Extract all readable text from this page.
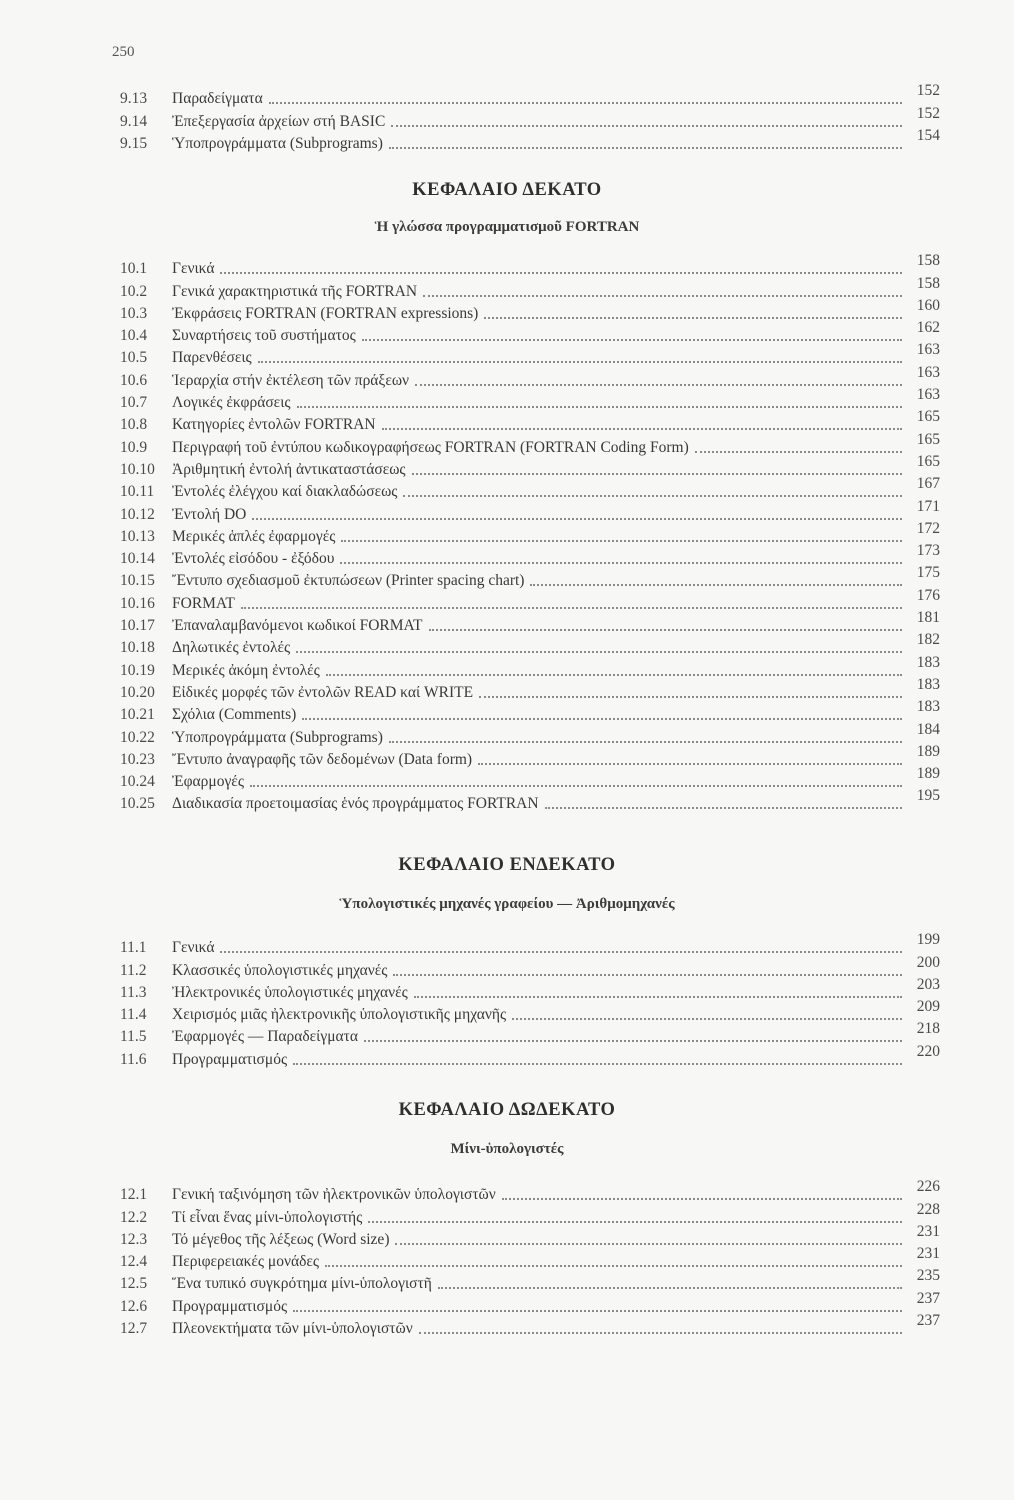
250
9.13	Παραδείγματα	152
9.14	Ἐπεξεργασία ἀρχείων στή BASIC	152
9.15	Ὑποπρογράμματα (Subprograms)	154
ΚΕΦΑΛΑΙΟ ΔΕΚΑΤΟ
Ἡ γλώσσα προγραμματισμοῦ FORTRAN
10.1	Γενικά	158
10.2	Γενικά χαρακτηριστικά τῆς FORTRAN	158
10.3	Ἐκφράσεις FORTRAN (FORTRAN expressions)	160
10.4	Συναρτήσεις τοῦ συστήματος	162
10.5	Παρενθέσεις	163
10.6	Ἱεραρχία στήν ἐκτέλεση τῶν πράξεων	163
10.7	Λογικές ἐκφράσεις	163
10.8	Κατηγορίες ἐντολῶν FORTRAN	165
10.9	Περιγραφή τοῦ ἐντύπου κωδικογραφήσεως FORTRAN (FORTRAN Coding Form)	165
10.10	Ἀριθμητική ἐντολή ἀντικαταστάσεως	165
10.11	Ἐντολές ἐλέγχου καί διακλαδώσεως	167
10.12	Ἐντολή DO	171
10.13	Μερικές ἁπλές ἐφαρμογές	172
10.14	Ἐντολές εἰσόδου - ἐξόδου	173
10.15	Ἔντυπο σχεδιασμοῦ ἐκτυπώσεων (Printer spacing chart)	175
10.16	FORMAT	176
10.17	Ἐπαναλαμβανόμενοι κωδικοί FORMAT	181
10.18	Δηλωτικές ἐντολές	182
10.19	Μερικές ἀκόμη ἐντολές	183
10.20	Εἰδικές μορφές τῶν ἐντολῶν READ καί WRITE	183
10.21	Σχόλια (Comments)	183
10.22	Ὑποπρογράμματα (Subprograms)	184
10.23	Ἔντυπο ἀναγραφῆς τῶν δεδομένων (Data form)	189
10.24	Ἐφαρμογές	189
10.25	Διαδικασία προετοιμασίας ἑνός προγράμματος FORTRAN	195
ΚΕΦΑΛΑΙΟ ΕΝΔΕΚΑΤΟ
Ὑπολογιστικές μηχανές γραφείου — Ἀριθμομηχανές
11.1	Γενικά	199
11.2	Κλασσικές ὑπολογιστικές μηχανές	200
11.3	Ἠλεκτρονικές ὑπολογιστικές μηχανές	203
11.4	Χειρισμός μιᾶς ἠλεκτρονικῆς ὑπολογιστικῆς μηχανῆς	209
11.5	Ἐφαρμογές — Παραδείγματα	218
11.6	Προγραμματισμός	220
ΚΕΦΑΛΑΙΟ ΔΩΔΕΚΑΤΟ
Μίνι-ὑπολογιστές
12.1	Γενική ταξινόμηση τῶν ἠλεκτρονικῶν ὑπολογιστῶν	226
12.2	Τί εἶναι ἕνας μίνι-ὑπολογιστής	228
12.3	Τό μέγεθος τῆς λέξεως (Word size)	231
12.4	Περιφερειακές μονάδες	231
12.5	Ἕνα τυπικό συγκρότημα μίνι-ὑπολογιστῆ	235
12.6	Προγραμματισμός	237
12.7	Πλεονεκτήματα τῶν μίνι-ὑπολογιστῶν	237
